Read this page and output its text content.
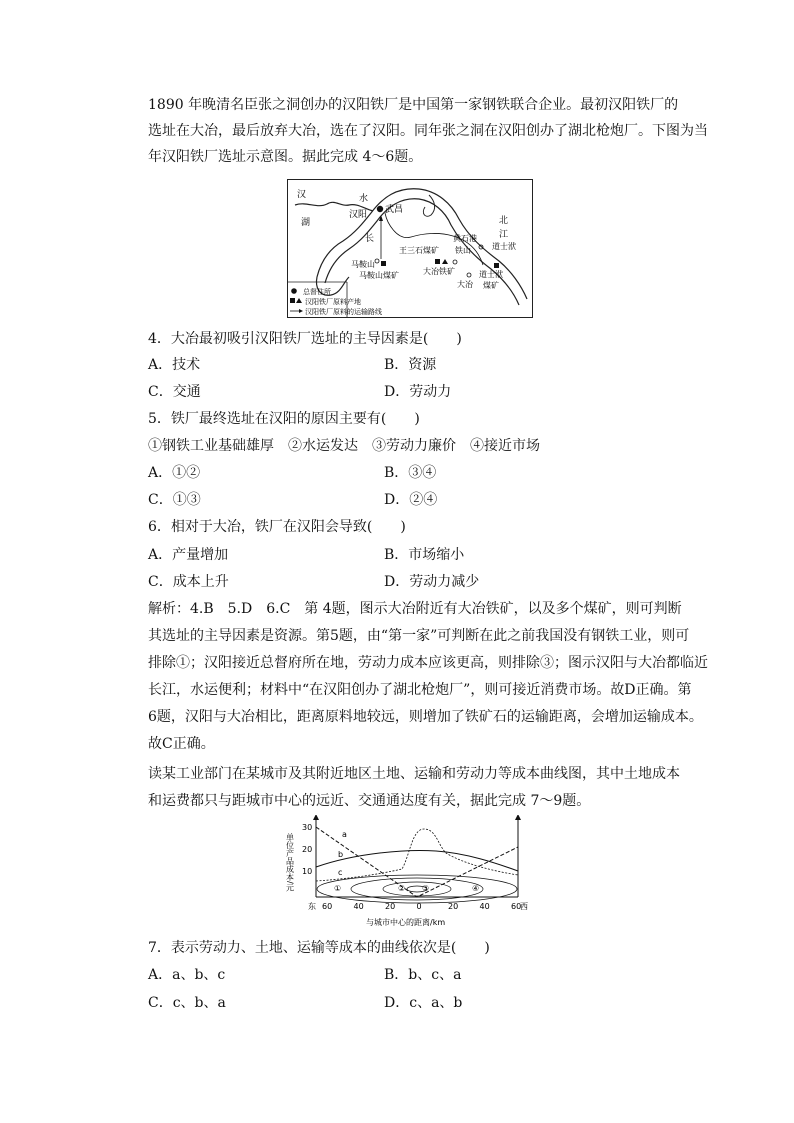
1890 年晚清名臣张之洞创办的汉阳铁厂是中国第一家钢铁联合企业。最初汉阳铁厂的
选址在大冶，最后放弃大冶，选在了汉阳。同年张之洞在汉阳创办了湖北枪炮厂。下图为当
年汉阳铁厂选址示意图。据此完成 4～6题。
汉	水
湖
汉阳 武昌
长
北
江
王三石煤矿
黄石港
铁山	道士洑
大冶铁矿	道士洑
煤矿
大冶
马鞍山
马鞍山煤矿
总督住所
汉阳铁厂原料产地
汉阳铁厂原料的运输路线
4．大冶最初吸引汉阳铁厂选址的主导因素是(　　)
A．技术	B．资源
C．交通	D．劳动力
5．铁厂最终选址在汉阳的原因主要有(　　)
①钢铁工业基础雄厚　②水运发达　③劳动力廉价　④接近市场
A．①②	B．③④
C．①③	D．②④
6．相对于大冶，铁厂在汉阳会导致(　　)
A．产量增加	B．市场缩小
C．成本上升	D．劳动力减少
解析：4.B　5.D　6.C　第 4题，图示大冶附近有大冶铁矿，以及多个煤矿，则可判断
其选址的主导因素是资源。第5题，由“第一家”可判断在此之前我国没有钢铁工业，则可
排除①；汉阳接近总督府所在地，劳动力成本应该更高，则排除③；图示汉阳与大冶都临近
长江，水运便利；材料中“在汉阳创办了湖北枪炮厂”，则可接近消费市场。故D正确。第
6题，汉阳与大冶相比，距离原料地较远，则增加了铁矿石的运输距离，会增加运输成本。
故C正确。
读某工业部门在某城市及其附近地区土地、运输和劳动力等成本曲线图，其中土地成本
和运费都只与距城市中心的远近、交通通达度有关，据此完成 7～9题。
单位产品成本/元
30
20
10
①	② ③	④
a
b
c
东	西
60	40	20	0	20	40	60
与城市中心的距离/km
7．表示劳动力、土地、运输等成本的曲线依次是(　　)
A．a、b、c	B．b、c、a
C．c、b、a	D．c、a、b
